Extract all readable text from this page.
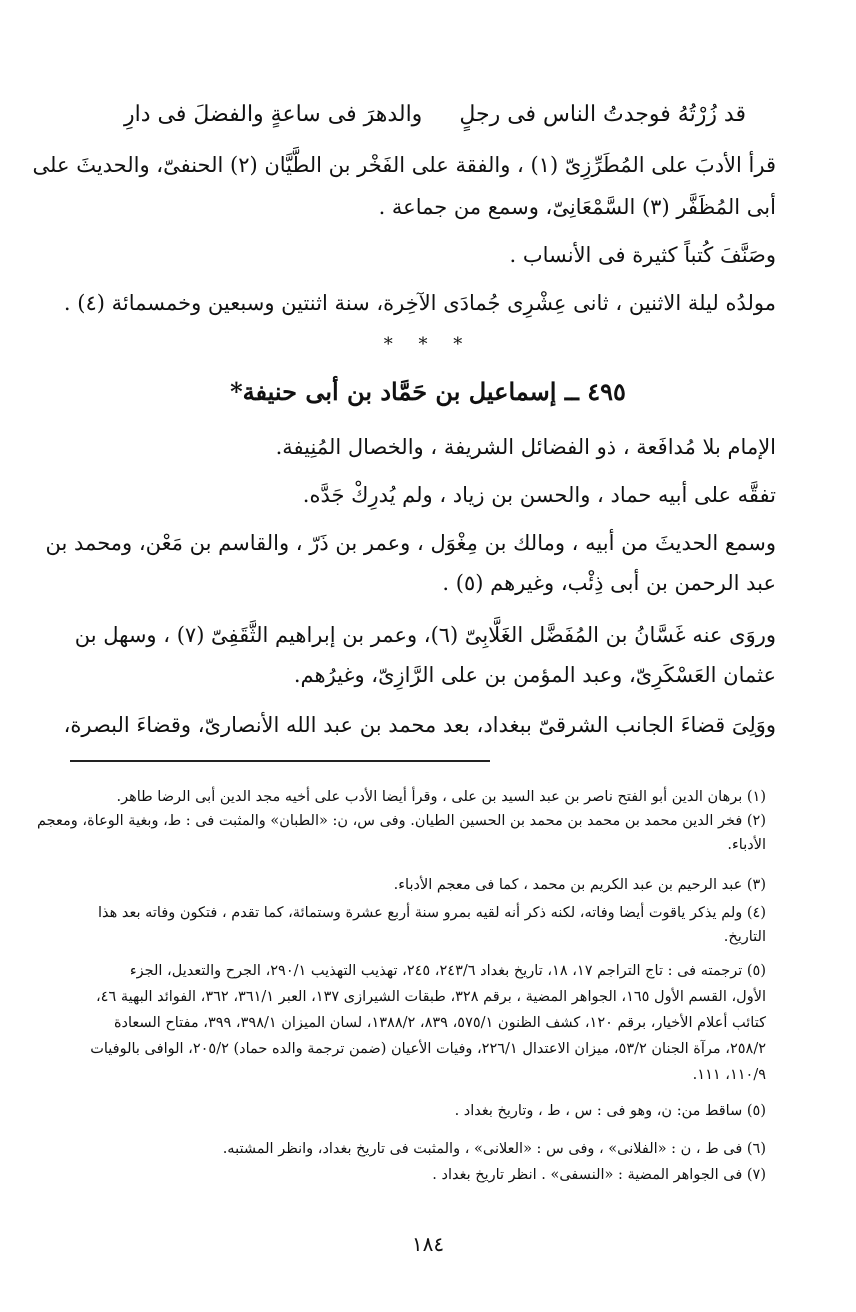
قد زُرْتُهُ فوجدتُ الناس فى رجلٍ والدهرَ فى ساعةٍ والفضلَ فى دارِ
قرأ الأدبَ على المُطَرِّزِىّ (١) ، والفقة على الفَخْر بن الطَّيَّان (٢) الحنفىّ، والحديثَ على
أبى المُظَفَّر (٣) السَّمْعَانِىّ، وسمع من جماعة .
وصَنَّفَ كُتباً كثيرة فى الأنساب .
مولدُه ليلة الاثنين ، ثانى عِشْرِى جُمادَى الآخِرة، سنة اثنتين وسبعين وخمسمائة (٤) .
* * *
٤٩٥ ــ إسماعيل بن حَمَّاد بن أبى حنيفة*
الإمام بلا مُدافَعة ، ذو الفضائل الشريفة ، والخصال المُنِيفة.
تفقَّه على أبيه حماد ، والحسن بن زياد ، ولم يُدرِكْ جَدَّه.
وسمع الحديثَ من أبيه ، ومالك بن مِغْوَل ، وعمر بن ذَرّ ، والقاسم بن مَعْن، ومحمد بن
عبد الرحمن بن أبى ذِئْب، وغيرهم (٥) .
وروَى عنه غَسَّانُ بن المُفَضَّل الغَلَّابِىّ (٦)، وعمر بن إبراهيم الثَّقَفِىّ (٧) ، وسهل بن
عثمان العَسْكَرِىّ، وعبد المؤمن بن على الرَّازِىّ، وغيرُهم.
ووَلِىَ قضاءَ الجانب الشرقىّ ببغداد، بعد محمد بن عبد الله الأنصارىّ، وقضاءَ البصرة،
(١) برهان الدين أبو الفتح ناصر بن عبد السيد بن على ، وقرأ أيضا الأدب على أخيه مجد الدين أبى الرضا طاهر.
(٢) فخر الدين محمد بن محمد بن محمد بن الحسين الطيان. وفى س، ن: «الطبان» والمثبت فى : ط، وبغية الوعاة، ومعجم
الأدباء.
(٣) عبد الرحيم بن عبد الكريم بن محمد ، كما فى معجم الأدباء.
(٤) ولم يذكر ياقوت أيضا وفاته، لكنه ذكر أنه لقيه بمرو سنة أربع عشرة وستمائة، كما تقدم ، فتكون وفاته بعد هذا
التاريخ.
(٥) ترجمته فى : تاج التراجم ١٧، ١٨، تاريخ بغداد ٢٤٣/٦، ٢٤٥، تهذيب التهذيب ٢٩٠/١، الجرح والتعديل، الجزء
الأول، القسم الأول ١٦٥، الجواهر المضية ، برقم ٣٢٨، طبقات الشيرازى ١٣٧، العبر ٣٦١/١، ٣٦٢، الفوائد البهية ٤٦،
كتائب أعلام الأخيار، برقم ١٢٠، كشف الظنون ٥٧٥/١، ٨٣٩، ١٣٨٨/٢، لسان الميزان ٣٩٨/١، ٣٩٩، مفتاح السعادة
٢٥٨/٢، مرآة الجنان ٥٣/٢، ميزان الاعتدال ٢٢٦/١، وفيات الأعيان (ضمن ترجمة والده حماد) ٢٠٥/٢، الوافى بالوفيات
١١٠/٩، ١١١.
(٥) ساقط من: ن، وهو فى : س ، ط ، وتاريخ بغداد .
(٦) فى ط ، ن : «الفلانى» ، وفى س : «العلانى» ، والمثبت فى تاريخ بغداد، وانظر المشتبه.
(٧) فى الجواهر المضية : «النسفى» . انظر تاريخ بغداد .
١٨٤
